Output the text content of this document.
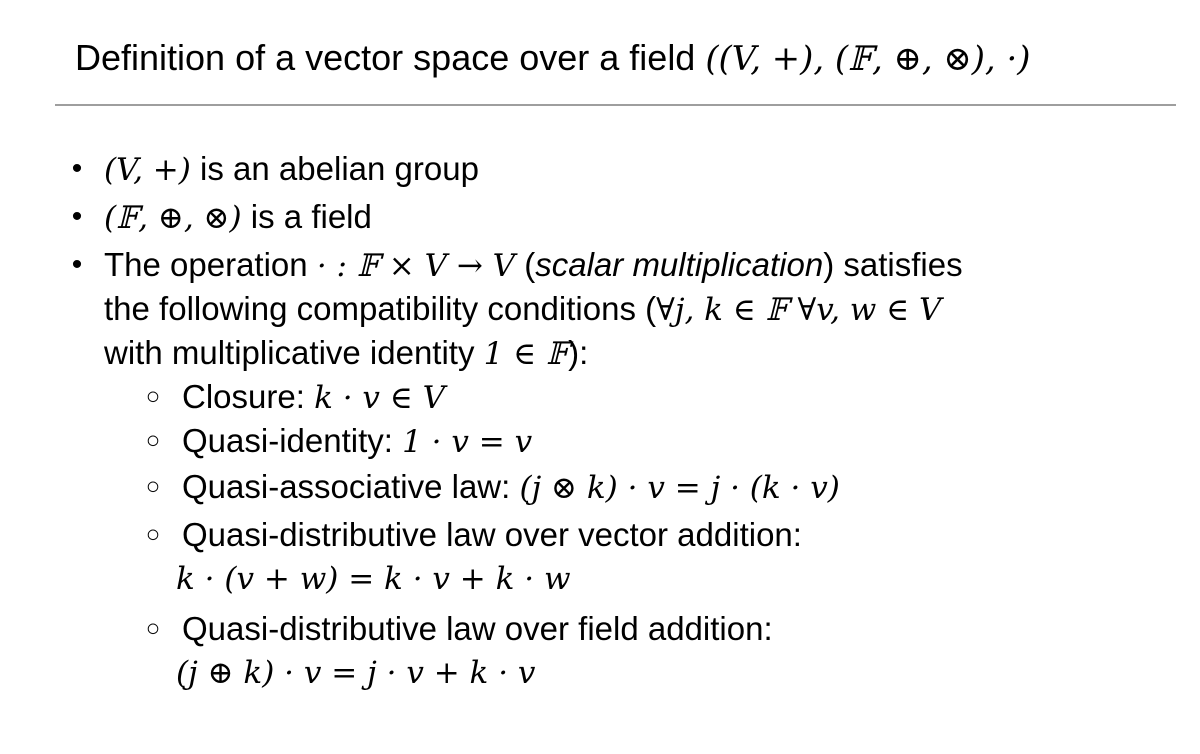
Definition of a vector space over a field ((V, +), (𝔽, ⊕, ⊗), ·)
• (V, +) is an abelian group
• (𝔽, ⊕, ⊗) is a field
• The operation · : 𝔽 × V → V (scalar multiplication) satisfies
the following compatibility conditions (∀j, k ∈ 𝔽 ∀v, w ∈ V
with multiplicative identity 1 ∈ 𝔽):
○ Closure: k · v ∈ V
○ Quasi-identity: 1 · v = v
○ Quasi-associative law: (j ⊗ k) · v = j · (k · v)
○ Quasi-distributive law over vector addition:
k · (v + w) = k · v + k · w
○ Quasi-distributive law over field addition:
(j ⊕ k) · v = j · v + k · v
